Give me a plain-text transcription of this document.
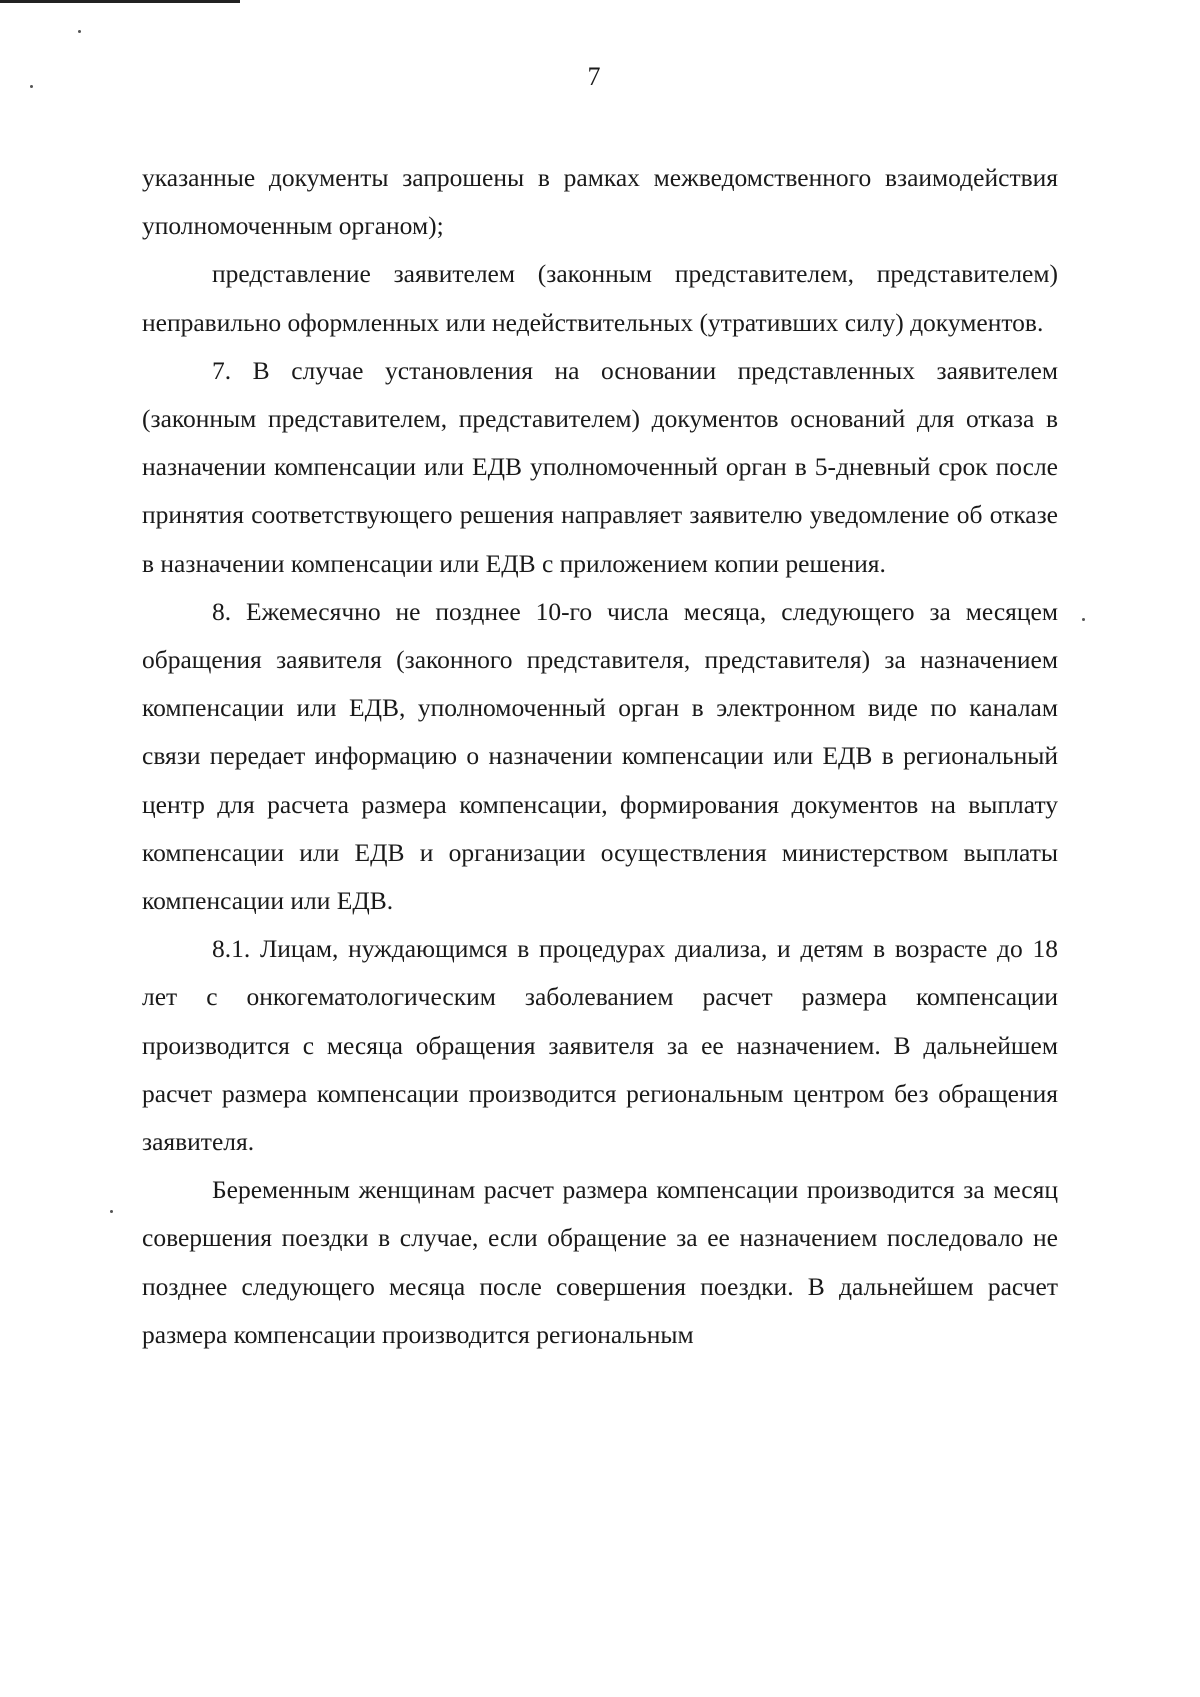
7

указанные документы запрошены в рамках межведомственного взаимодействия уполномоченным органом);

представление заявителем (законным представителем, представителем) неправильно оформленных или недействительных (утративших силу) документов.

7. В случае установления на основании представленных заявителем (законным представителем, представителем) документов оснований для отказа в назначении компенсации или ЕДВ уполномоченный орган в 5-дневный срок после принятия соответствующего решения направляет заявителю уведомление об отказе в назначении компенсации или ЕДВ с приложением копии решения.

8. Ежемесячно не позднее 10-го числа месяца, следующего за месяцем обращения заявителя (законного представителя, представителя) за назначением компенсации или ЕДВ, уполномоченный орган в электронном виде по каналам связи передает информацию о назначении компенсации или ЕДВ в региональный центр для расчета размера компенсации, формирования документов на выплату компенсации или ЕДВ и организации осуществления министерством выплаты компенсации или ЕДВ.

8.1. Лицам, нуждающимся в процедурах диализа, и детям в возрасте до 18 лет с онкогематологическим заболеванием расчет размера компенсации производится с месяца обращения заявителя за ее назначением. В дальнейшем расчет размера компенсации производится региональным центром без обращения заявителя.

Беременным женщинам расчет размера компенсации производится за месяц совершения поездки в случае, если обращение за ее назначением последовало не позднее следующего месяца после совершения поездки. В дальнейшем расчет размера компенсации производится региональным
